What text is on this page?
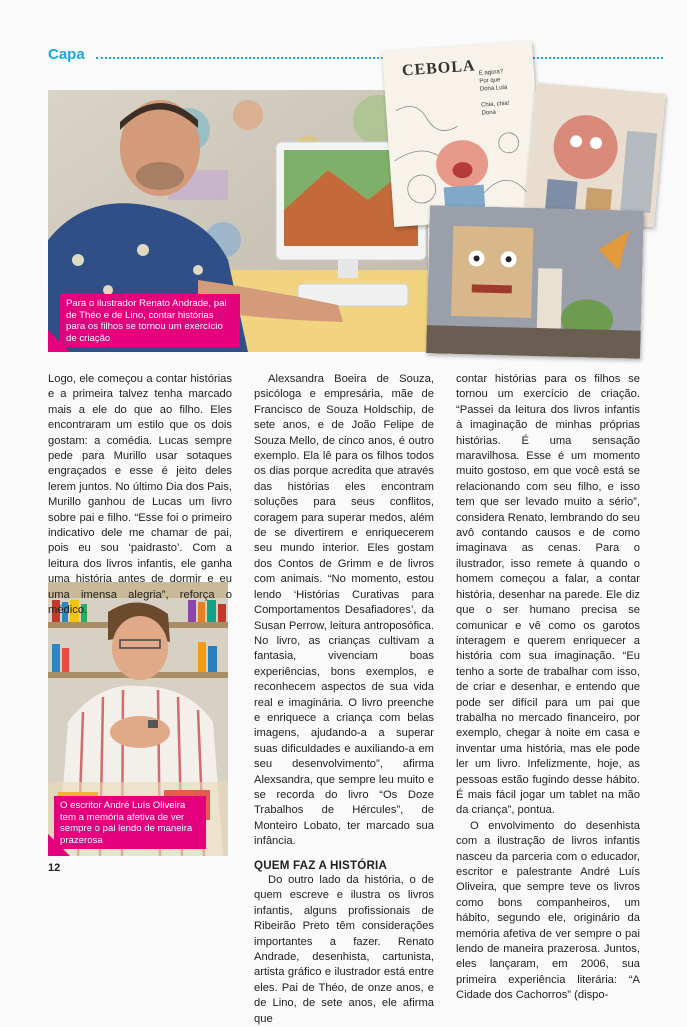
Capa
Para o ilustrador Renato Andrade, pai de Théo e de Lino, contar histórias para os filhos se tornou um exercício de criação
E agora?
Por que
Dona Lula
Chia, chia!
Dona
CEBOLA
O escritor André Luís Oliveira tem a memória afetiva de ver sempre o pai lendo de maneira prazerosa

Logo, ele começou a contar histórias e a primeira talvez tenha marcado mais a ele do que ao filho. Eles encontraram um estilo que os dois gostam: a comédia. Lucas sempre pede para Murillo usar sotaques engraçados e esse é jeito deles lerem juntos. No último Dia dos Pais, Murillo ganhou de Lucas um livro sobre pai e filho. “Esse foi o primeiro indicativo dele me chamar de pai, pois eu sou ‘paidrasto’. Com a leitura dos livros infantis, ele ganha uma história antes de dormir e eu uma imensa alegria”, reforça o médico.

Alexsandra Boeira de Souza, psicóloga e empresária, mãe de Francisco de Souza Holdschip, de sete anos, e de João Felipe de Souza Mello, de cinco anos, é outro exemplo. Ela lê para os filhos todos os dias porque acredita que através das histórias eles encontram soluções para seus conflitos, coragem para superar medos, além de se divertirem e enriquecerem seu mundo interior. Eles gostam dos Contos de Grimm e de livros com animais. “No momento, estou lendo ‘Histórias Curativas para Comportamentos Desafiadores’, da Susan Perrow, leitura antroposófica. No livro, as crianças cultivam a fantasia, vivenciam boas experiências, bons exemplos, e reconhecem aspectos de sua vida real e imaginária. O livro preenche e enriquece a criança com belas imagens, ajudando-a a superar suas dificuldades e auxiliando-a em seu desenvolvimento”, afirma Alexsandra, que sempre leu muito e se recorda do livro “Os Doze Trabalhos de Hércules”, de Monteiro Lobato, ter marcado sua infância.

QUEM FAZ A HISTÓRIA

Do outro lado da história, o de quem escreve e ilustra os livros infantis, alguns profissionais de Ribeirão Preto têm considerações importantes a fazer. Renato Andrade, desenhista, cartunista, artista gráfico e ilustrador está entre eles. Pai de Théo, de onze anos, e de Lino, de sete anos, ele afirma que

contar histórias para os filhos se tornou um exercício de criação. “Passei da leitura dos livros infantis à imaginação de minhas próprias histórias. É uma sensação maravilhosa. Esse é um momento muito gostoso, em que você está se relacionando com seu filho, e isso tem que ser levado muito a sério”, considera Renato, lembrando do seu avô contando causos e de como imaginava as cenas. Para o ilustrador, isso remete à quando o homem começou a falar, a contar história, desenhar na parede. Ele diz que o ser humano precisa se comunicar e vê como os garotos interagem e querem enriquecer a história com sua imaginação. “Eu tenho a sorte de trabalhar com isso, de criar e desenhar, e entendo que pode ser difícil para um pai que trabalha no mercado financeiro, por exemplo, chegar à noite em casa e inventar uma história, mas ele pode ler um livro. Infelizmente, hoje, as pessoas estão fugindo desse hábito. É mais fácil jogar um tablet na mão da criança”, pontua.

O envolvimento do desenhista com a ilustração de livros infantis nasceu da parceria com o educador, escritor e palestrante André Luís Oliveira, que sempre teve os livros como bons companheiros, um hábito, segundo ele, originário da memória afetiva de ver sempre o pai lendo de maneira prazerosa. Juntos, eles lançaram, em 2006, sua primeira experiência literária: “A Cidade dos Cachorros” (dispo-

12
